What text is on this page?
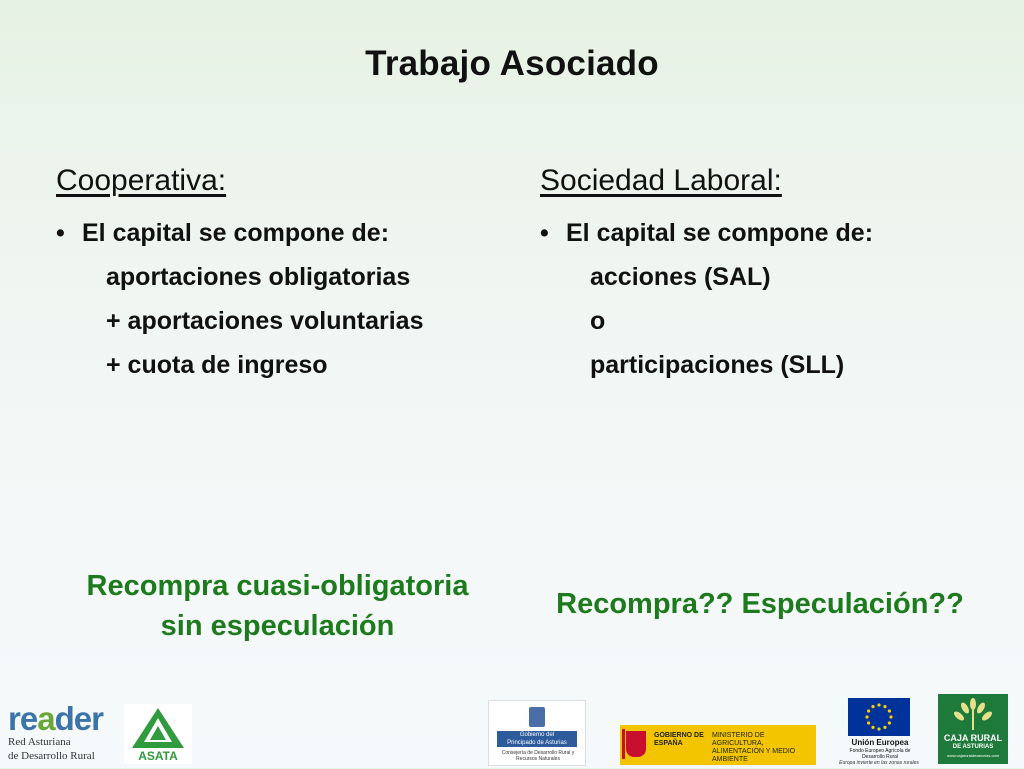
Trabajo Asociado
Cooperativa:
• El capital se compone de:
aportaciones obligatorias
+ aportaciones voluntarias
+ cuota de ingreso
Sociedad Laboral:
• El capital se compone de:
acciones (SAL)
o
participaciones (SLL)
Recompra cuasi-obligatoria
sin especulación
Recompra?? Especulación??
reader
Red Asturiana
de Desarrollo Rural	ASATA
Gobierno del
Principado de Asturias
Consejería de Desarrollo Rural y Recursos Naturales
GOBIERNO DE ESPAÑA
MINISTERIO DE AGRICULTURA, ALIMENTACIÓN Y MEDIO AMBIENTE
Unión Europea
Fondo Europeo Agrícola de Desarrollo Rural
Europa invierte en las zonas rurales
CAJA RURAL
DE ASTURIAS
www.cajaruraldeasturias.com
